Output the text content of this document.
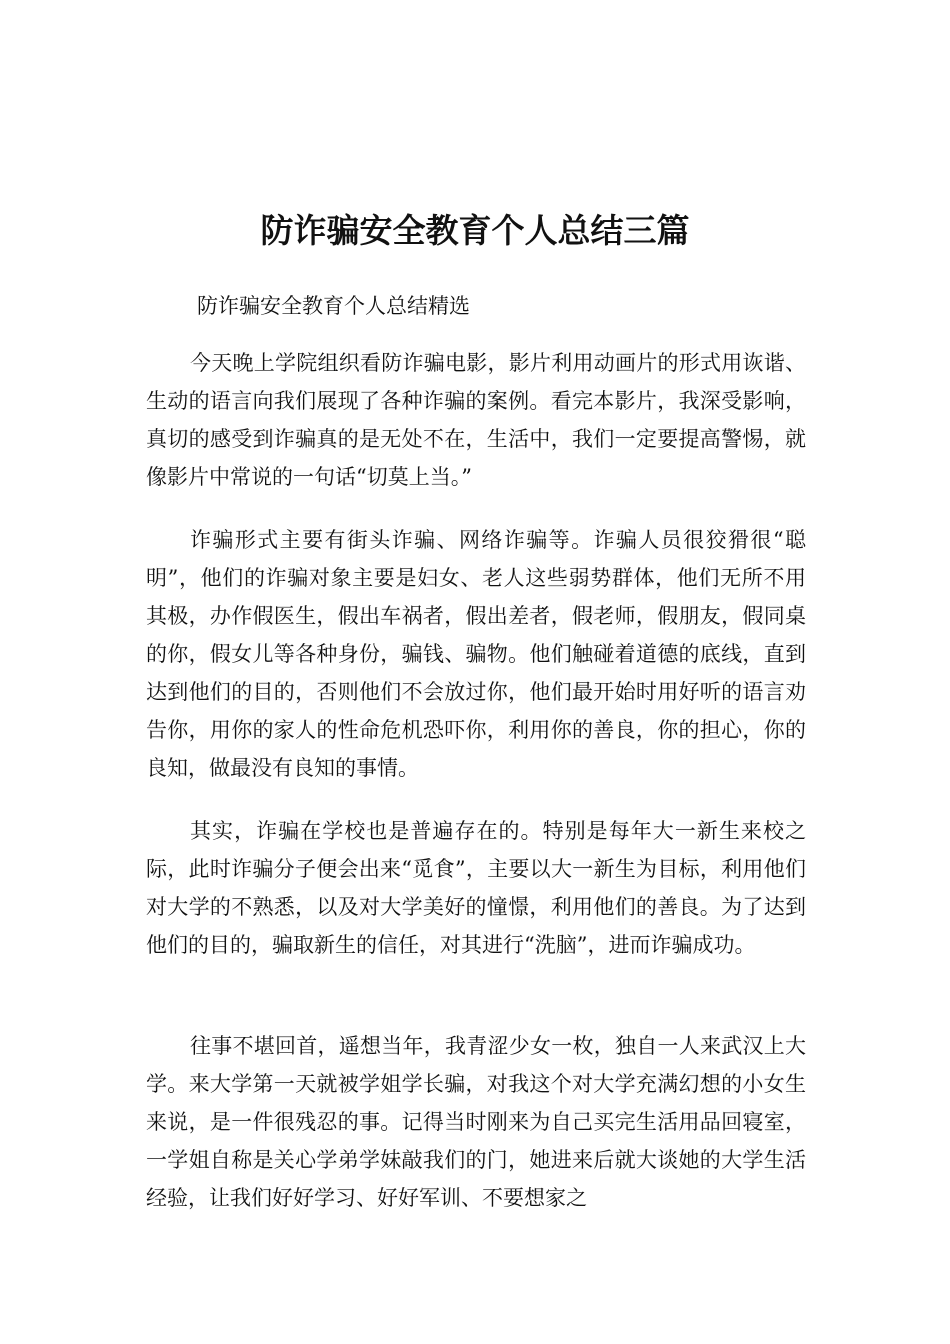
防诈骗安全教育个人总结三篇

防诈骗安全教育个人总结精选

今天晚上学院组织看防诈骗电影，影片利用动画片的形式用诙谐、生动的语言向我们展现了各种诈骗的案例。看完本影片，我深受影响，真切的感受到诈骗真的是无处不在，生活中，我们一定要提高警惕，就像影片中常说的一句话“切莫上当。”

诈骗形式主要有街头诈骗、网络诈骗等。诈骗人员很狡猾很“聪明”，他们的诈骗对象主要是妇女、老人这些弱势群体，他们无所不用其极，办作假医生，假出车祸者，假出差者，假老师，假朋友，假同桌的你，假女儿等各种身份，骗钱、骗物。他们触碰着道德的底线，直到达到他们的目的，否则他们不会放过你，他们最开始时用好听的语言劝告你，用你的家人的性命危机恐吓你，利用你的善良，你的担心，你的良知，做最没有良知的事情。

其实，诈骗在学校也是普遍存在的。特别是每年大一新生来校之际，此时诈骗分子便会出来“觅食”，主要以大一新生为目标，利用他们对大学的不熟悉，以及对大学美好的憧憬，利用他们的善良。为了达到他们的目的，骗取新生的信任，对其进行“洗脑”，进而诈骗成功。

往事不堪回首，遥想当年，我青涩少女一枚，独自一人来武汉上大学。来大学第一天就被学姐学长骗，对我这个对大学充满幻想的小女生来说，是一件很残忍的事。记得当时刚来为自己买完生活用品回寝室，一学姐自称是关心学弟学妹敲我们的门，她进来后就大谈她的大学生活经验，让我们好好学习、好好军训、不要想家之
